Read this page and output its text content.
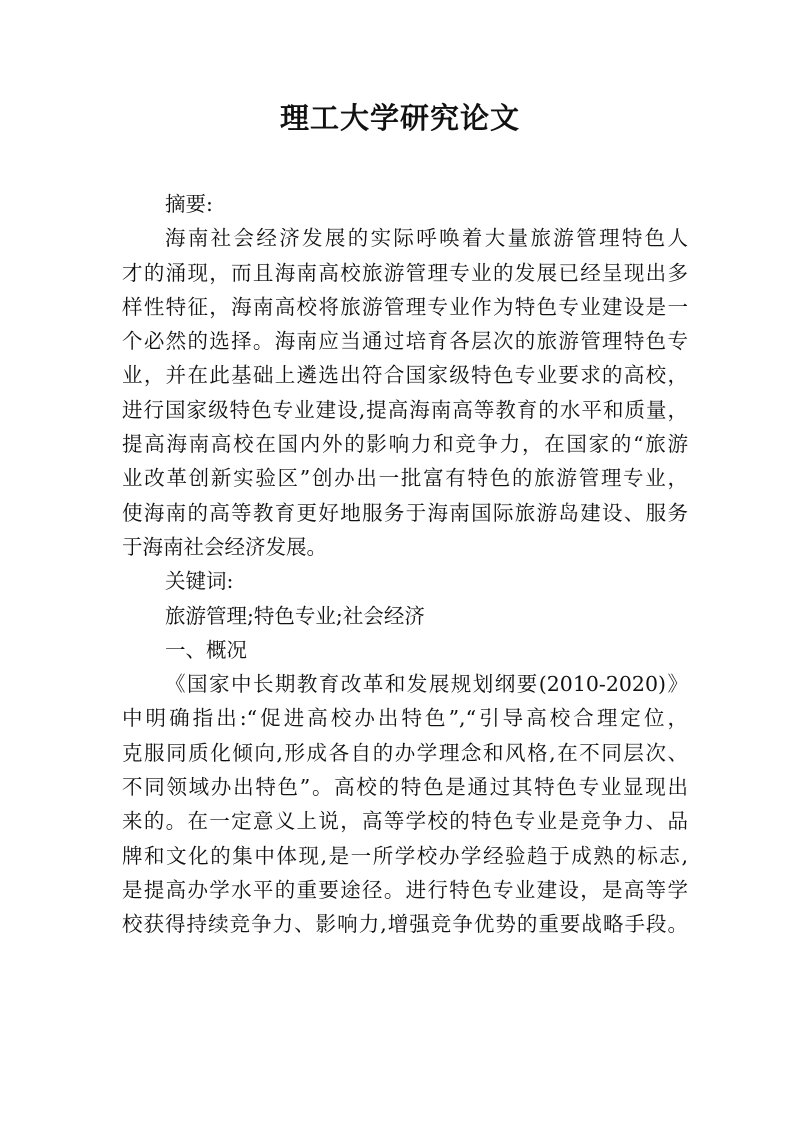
理工大学研究论文
摘要:
海南社会经济发展的实际呼唤着大量旅游管理特色人
才的涌现，而且海南高校旅游管理专业的发展已经呈现出多
样性特征，海南高校将旅游管理专业作为特色专业建设是一
个必然的选择。海南应当通过培育各层次的旅游管理特色专
业，并在此基础上遴选出符合国家级特色专业要求的高校，
进行国家级特色专业建设,提高海南高等教育的水平和质量，
提高海南高校在国内外的影响力和竞争力，在国家的“旅游
业改革创新实验区”创办出一批富有特色的旅游管理专业，
使海南的高等教育更好地服务于海南国际旅游岛建设、服务
于海南社会经济发展。
关键词:
旅游管理;特色专业;社会经济
一、概况
《国家中长期教育改革和发展规划纲要(2010-2020)》
中明确指出:“促进高校办出特色”,“引导高校合理定位，
克服同质化倾向,形成各自的办学理念和风格,在不同层次、
不同领域办出特色”。高校的特色是通过其特色专业显现出
来的。在一定意义上说，高等学校的特色专业是竞争力、品
牌和文化的集中体现,是一所学校办学经验趋于成熟的标志,
是提高办学水平的重要途径。进行特色专业建设，是高等学
校获得持续竞争力、影响力,增强竞争优势的重要战略手段。
